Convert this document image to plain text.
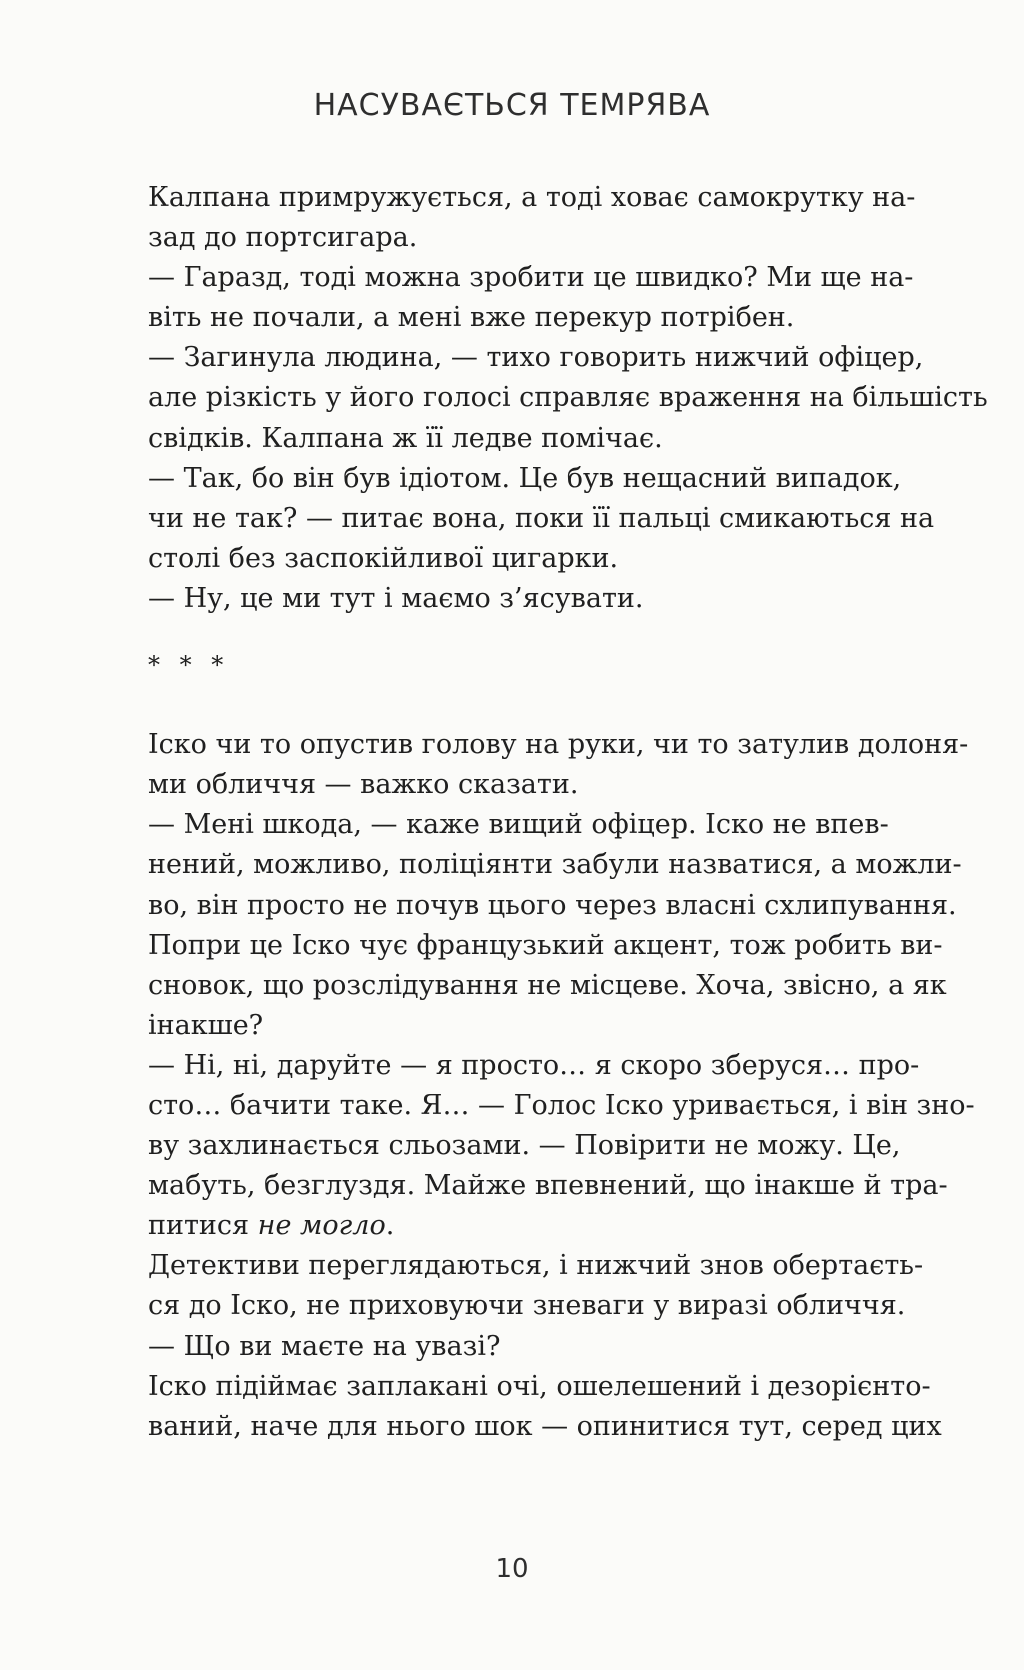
НАСУВАЄТЬСЯ ТЕМРЯВА

Калпана примружується, а тоді ховає самокрутку на-
зад до портсигара.

— Гаразд, тоді можна зробити це швидко? Ми ще на-
віть не почали, а мені вже перекур потрібен.

— Загинула людина, — тихо говорить нижчий офіцер,
але різкість у його голосі справляє враження на більшість
свідків. Калпана ж її ледве помічає.

— Так, бо він був ідіотом. Це був нещасний випадок,
чи не так? — питає вона, поки її пальці смикаються на
столі без заспокійливої цигарки.

— Ну, це ми тут і маємо з’ясувати.

* * *

Іско чи то опустив голову на руки, чи то затулив долоня-
ми обличчя — важко сказати.

— Мені шкода, — каже вищий офіцер. Іско не впев-
нений, можливо, поліціянти забули назватися, а можли-
во, він просто не почув цього через власні схлипування.
Попри це Іско чує французький акцент, тож робить ви-
сновок, що розслідування не місцеве. Хоча, звісно, а як
інакше?

— Ні, ні, даруйте — я просто… я скоро зберуся… про-
сто… бачити таке. Я… — Голос Іско уривається, і він зно-
ву захлинається сльозами. — Повірити не можу. Це,
мабуть, безглуздя. Майже впевнений, що інакше й тра-
питися не могло.

Детективи переглядаються, і нижчий знов обертаєть-
ся до Іско, не приховуючи зневаги у виразі обличчя.

— Що ви маєте на увазі?

Іско підіймає заплакані очі, ошелешений і дезорієнто-
ваний, наче для нього шок — опинитися тут, серед цих

10
